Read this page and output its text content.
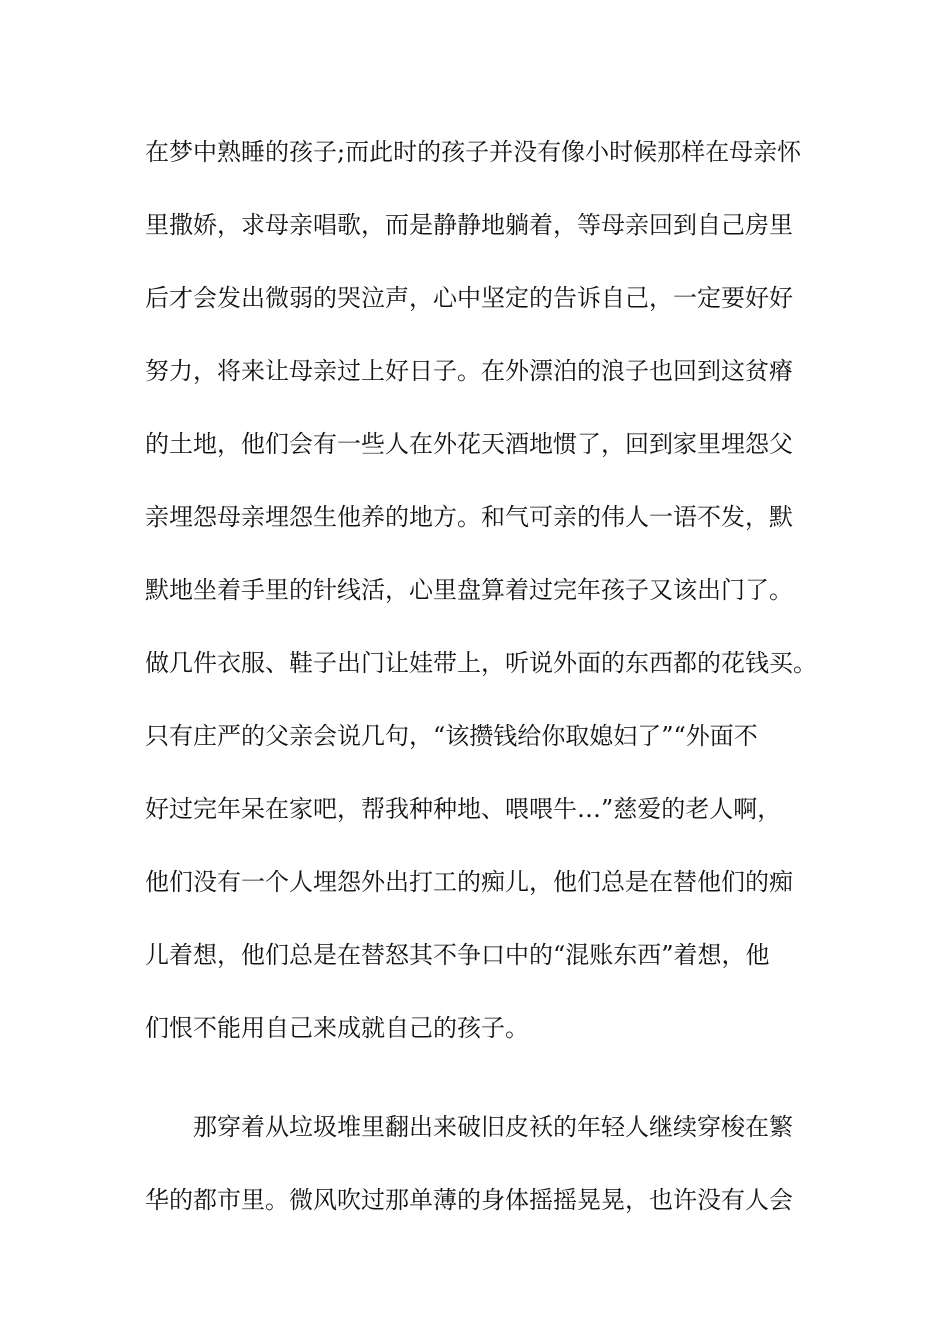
在梦中熟睡的孩子;而此时的孩子并没有像小时候那样在母亲怀
里撒娇，求母亲唱歌，而是静静地躺着，等母亲回到自己房里
后才会发出微弱的哭泣声，心中坚定的告诉自己，一定要好好
努力，将来让母亲过上好日子。在外漂泊的浪子也回到这贫瘠
的土地，他们会有一些人在外花天酒地惯了，回到家里埋怨父
亲埋怨母亲埋怨生他养的地方。和气可亲的伟人一语不发，默
默地坐着手里的针线活，心里盘算着过完年孩子又该出门了。
做几件衣服、鞋子出门让娃带上，听说外面的东西都的花钱买。
只有庄严的父亲会说几句，“该攒钱给你取媳妇了”“外面不
好过完年呆在家吧，帮我种种地、喂喂牛…”慈爱的老人啊，
他们没有一个人埋怨外出打工的痴儿，他们总是在替他们的痴
儿着想，他们总是在替怒其不争口中的“混账东西”着想，他
们恨不能用自己来成就自己的孩子。
那穿着从垃圾堆里翻出来破旧皮袄的年轻人继续穿梭在繁
华的都市里。微风吹过那单薄的身体摇摇晃晃，也许没有人会
